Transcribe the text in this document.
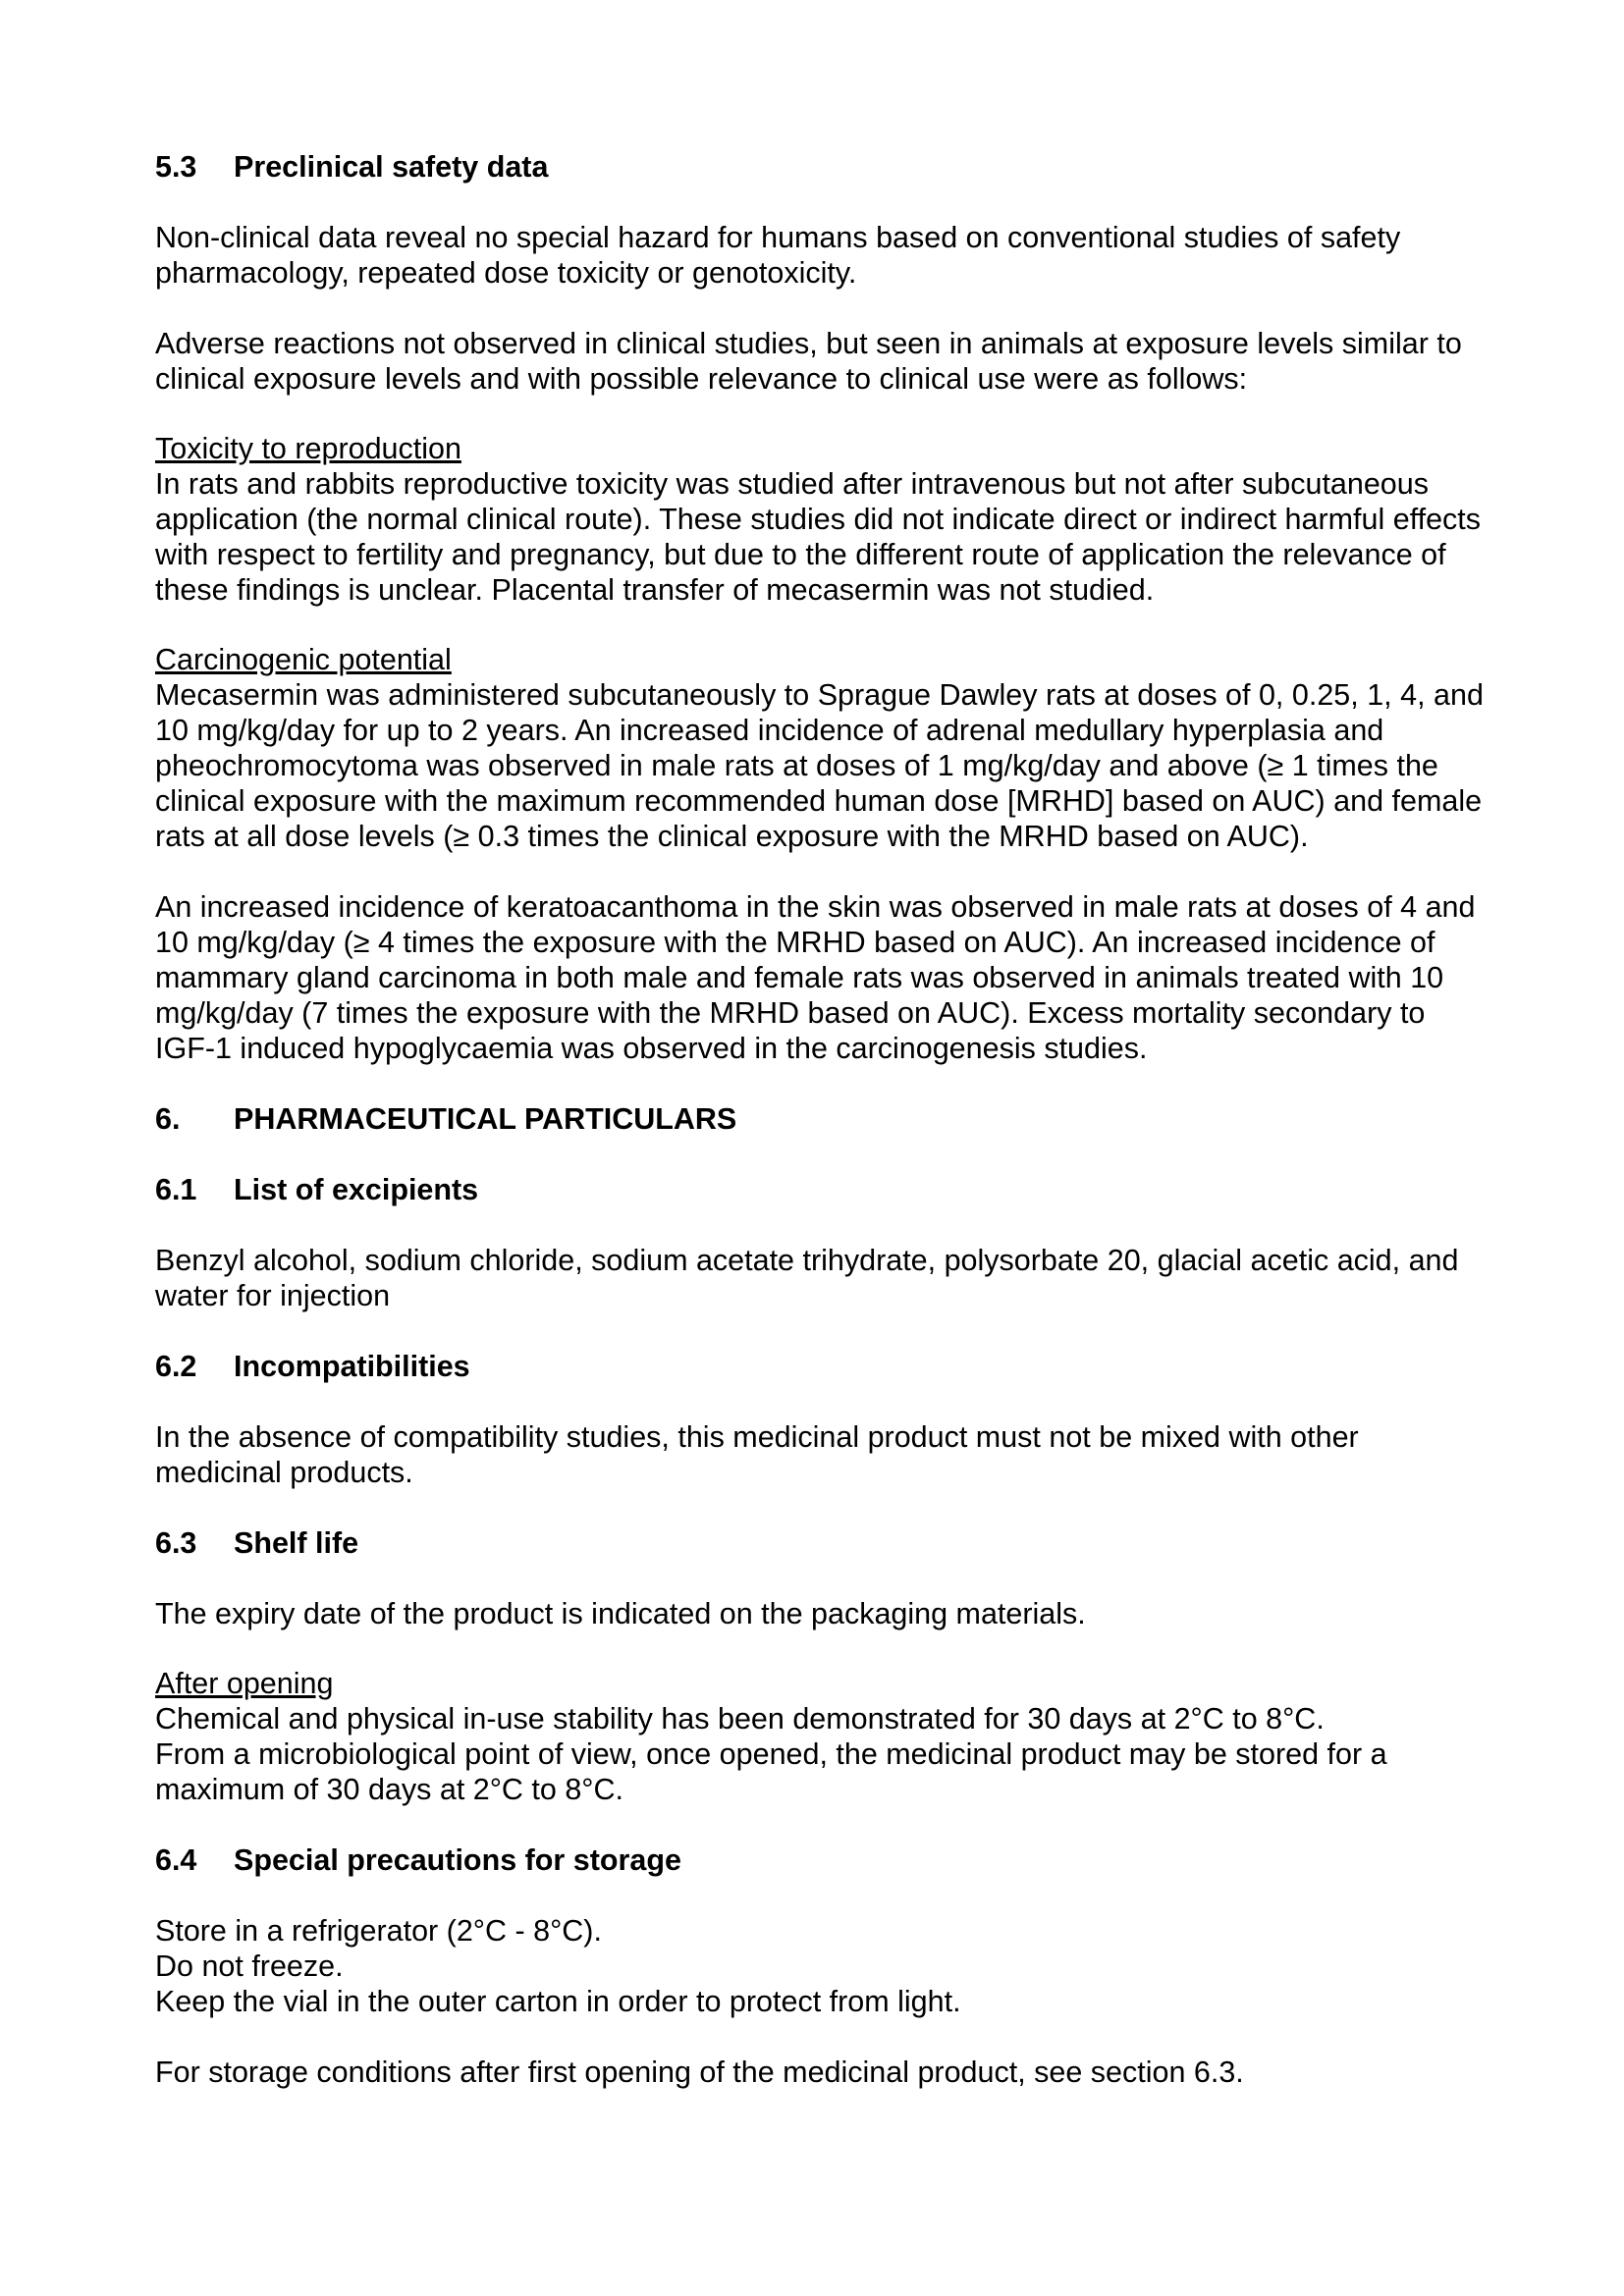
5.3	Preclinical safety data

Non-clinical data reveal no special hazard for humans based on conventional studies of safety pharmacology, repeated dose toxicity or genotoxicity.

Adverse reactions not observed in clinical studies, but seen in animals at exposure levels similar to clinical exposure levels and with possible relevance to clinical use were as follows:

Toxicity to reproduction

In rats and rabbits reproductive toxicity was studied after intravenous but not after subcutaneous application (the normal clinical route). These studies did not indicate direct or indirect harmful effects with respect to fertility and pregnancy, but due to the different route of application the relevance of these findings is unclear. Placental transfer of mecasermin was not studied.

Carcinogenic potential

Mecasermin was administered subcutaneously to Sprague Dawley rats at doses of 0, 0.25, 1, 4, and 10 mg/kg/day for up to 2 years. An increased incidence of adrenal medullary hyperplasia and pheochromocytoma was observed in male rats at doses of 1 mg/kg/day and above (≥ 1 times the clinical exposure with the maximum recommended human dose [MRHD] based on AUC) and female rats at all dose levels (≥ 0.3 times the clinical exposure with the MRHD based on AUC).

An increased incidence of keratoacanthoma in the skin was observed in male rats at doses of 4 and 10 mg/kg/day (≥ 4 times the exposure with the MRHD based on AUC). An increased incidence of mammary gland carcinoma in both male and female rats was observed in animals treated with 10 mg/kg/day (7 times the exposure with the MRHD based on AUC). Excess mortality secondary to IGF-1 induced hypoglycaemia was observed in the carcinogenesis studies.

6.	PHARMACEUTICAL PARTICULARS
6.1	List of excipients

Benzyl alcohol, sodium chloride, sodium acetate trihydrate, polysorbate 20, glacial acetic acid, and water for injection

6.2	Incompatibilities

In the absence of compatibility studies, this medicinal product must not be mixed with other medicinal products.

6.3	Shelf life

The expiry date of the product is indicated on the packaging materials.

After opening

Chemical and physical in-use stability has been demonstrated for 30 days at 2°C to 8°C.

From a microbiological point of view, once opened, the medicinal product may be stored for a maximum of 30 days at 2°C to 8°C.

6.4	Special precautions for storage

Store in a refrigerator (2°C - 8°C).

Do not freeze.

Keep the vial in the outer carton in order to protect from light.

For storage conditions after first opening of the medicinal product, see section 6.3.
